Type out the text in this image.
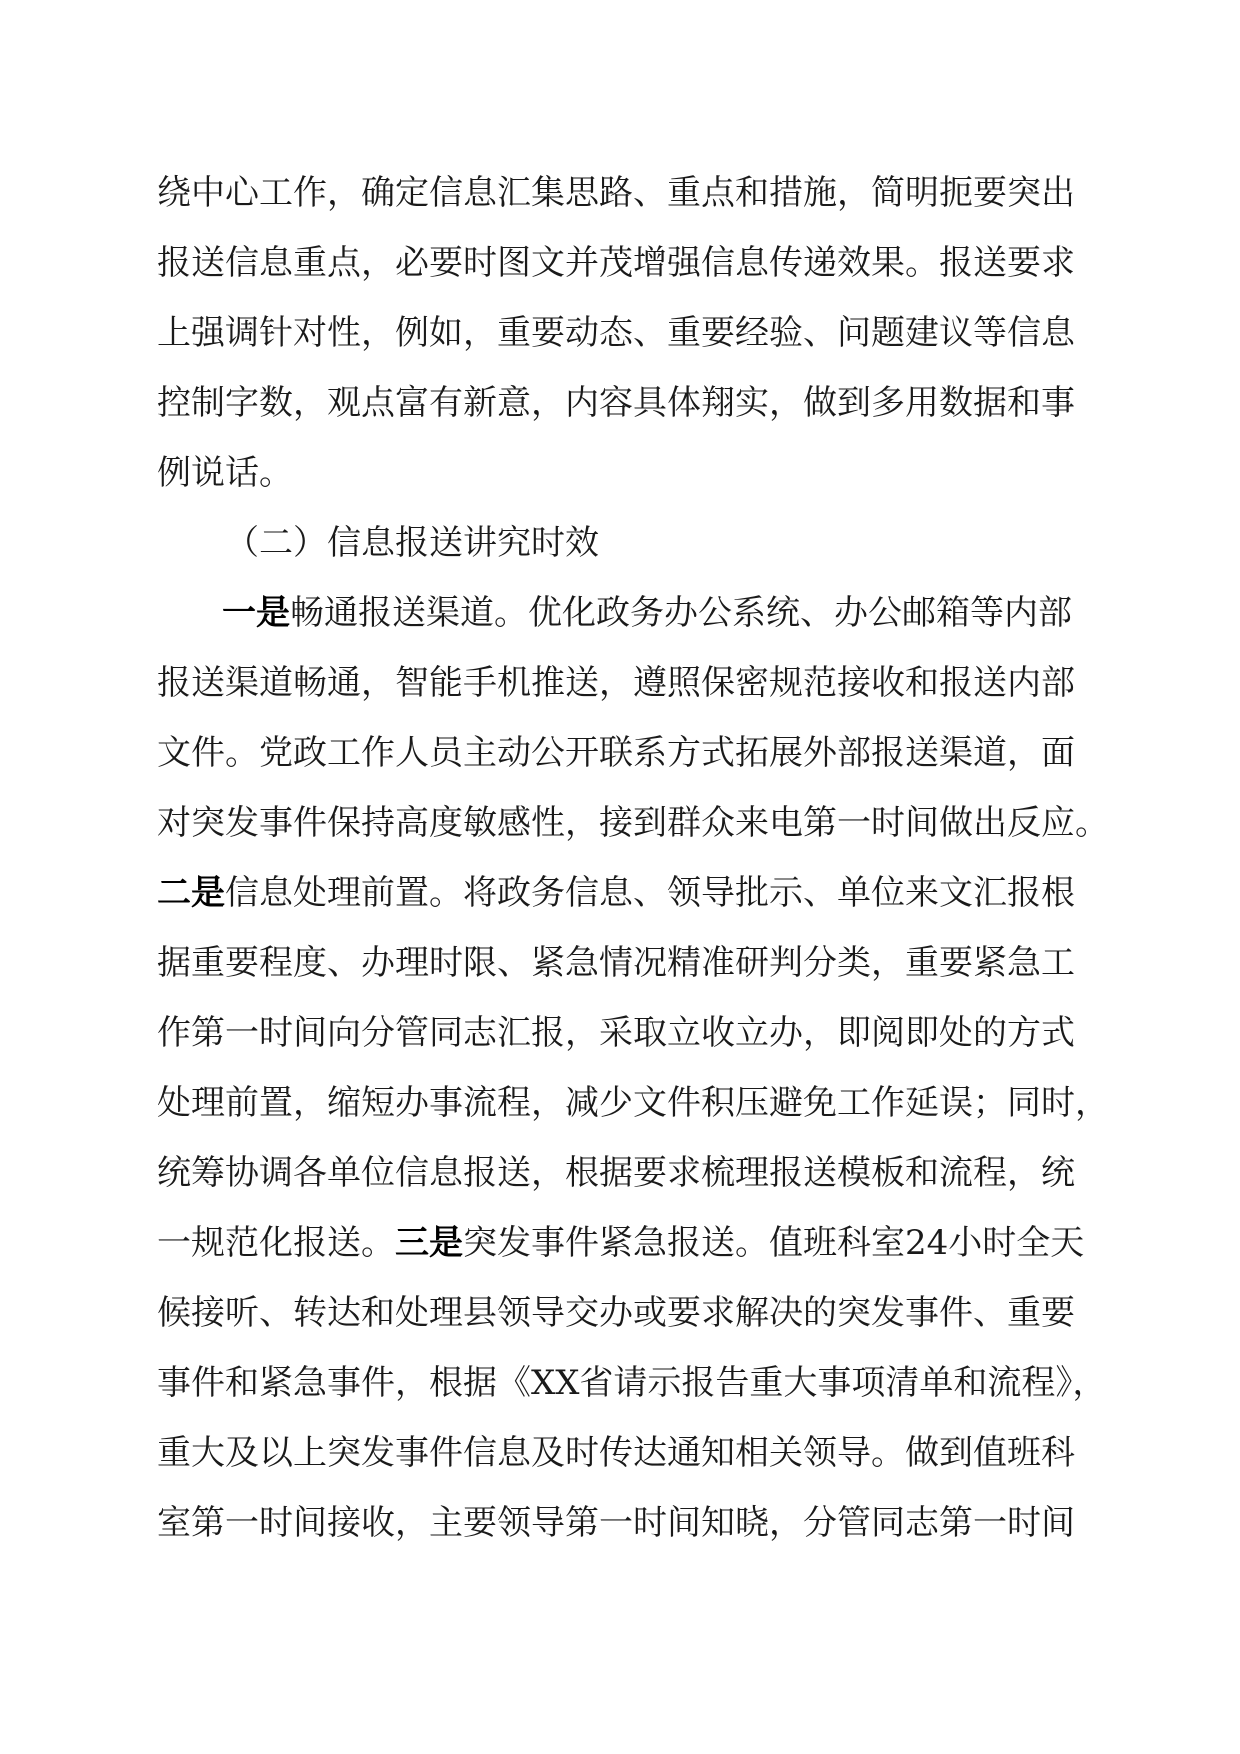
绕中心工作，确定信息汇集思路、重点和措施，简明扼要突出
报送信息重点，必要时图文并茂增强信息传递效果。报送要求
上强调针对性，例如，重要动态、重要经验、问题建议等信息
控制字数，观点富有新意，内容具体翔实，做到多用数据和事
例说话。
（二）信息报送讲究时效
一是畅通报送渠道。优化政务办公系统、办公邮箱等内部
报送渠道畅通，智能手机推送，遵照保密规范接收和报送内部
文件。党政工作人员主动公开联系方式拓展外部报送渠道，面
对突发事件保持高度敏感性，接到群众来电第一时间做出反应。
二是信息处理前置。将政务信息、领导批示、单位来文汇报根
据重要程度、办理时限、紧急情况精准研判分类，重要紧急工
作第一时间向分管同志汇报，采取立收立办，即阅即处的方式
处理前置，缩短办事流程，减少文件积压避免工作延误；同时，
统筹协调各单位信息报送，根据要求梳理报送模板和流程，统
一规范化报送。三是突发事件紧急报送。值班科室24小时全天
候接听、转达和处理县领导交办或要求解决的突发事件、重要
事件和紧急事件，根据《XX省请示报告重大事项清单和流程》，
重大及以上突发事件信息及时传达通知相关领导。做到值班科
室第一时间接收，主要领导第一时间知晓，分管同志第一时间
